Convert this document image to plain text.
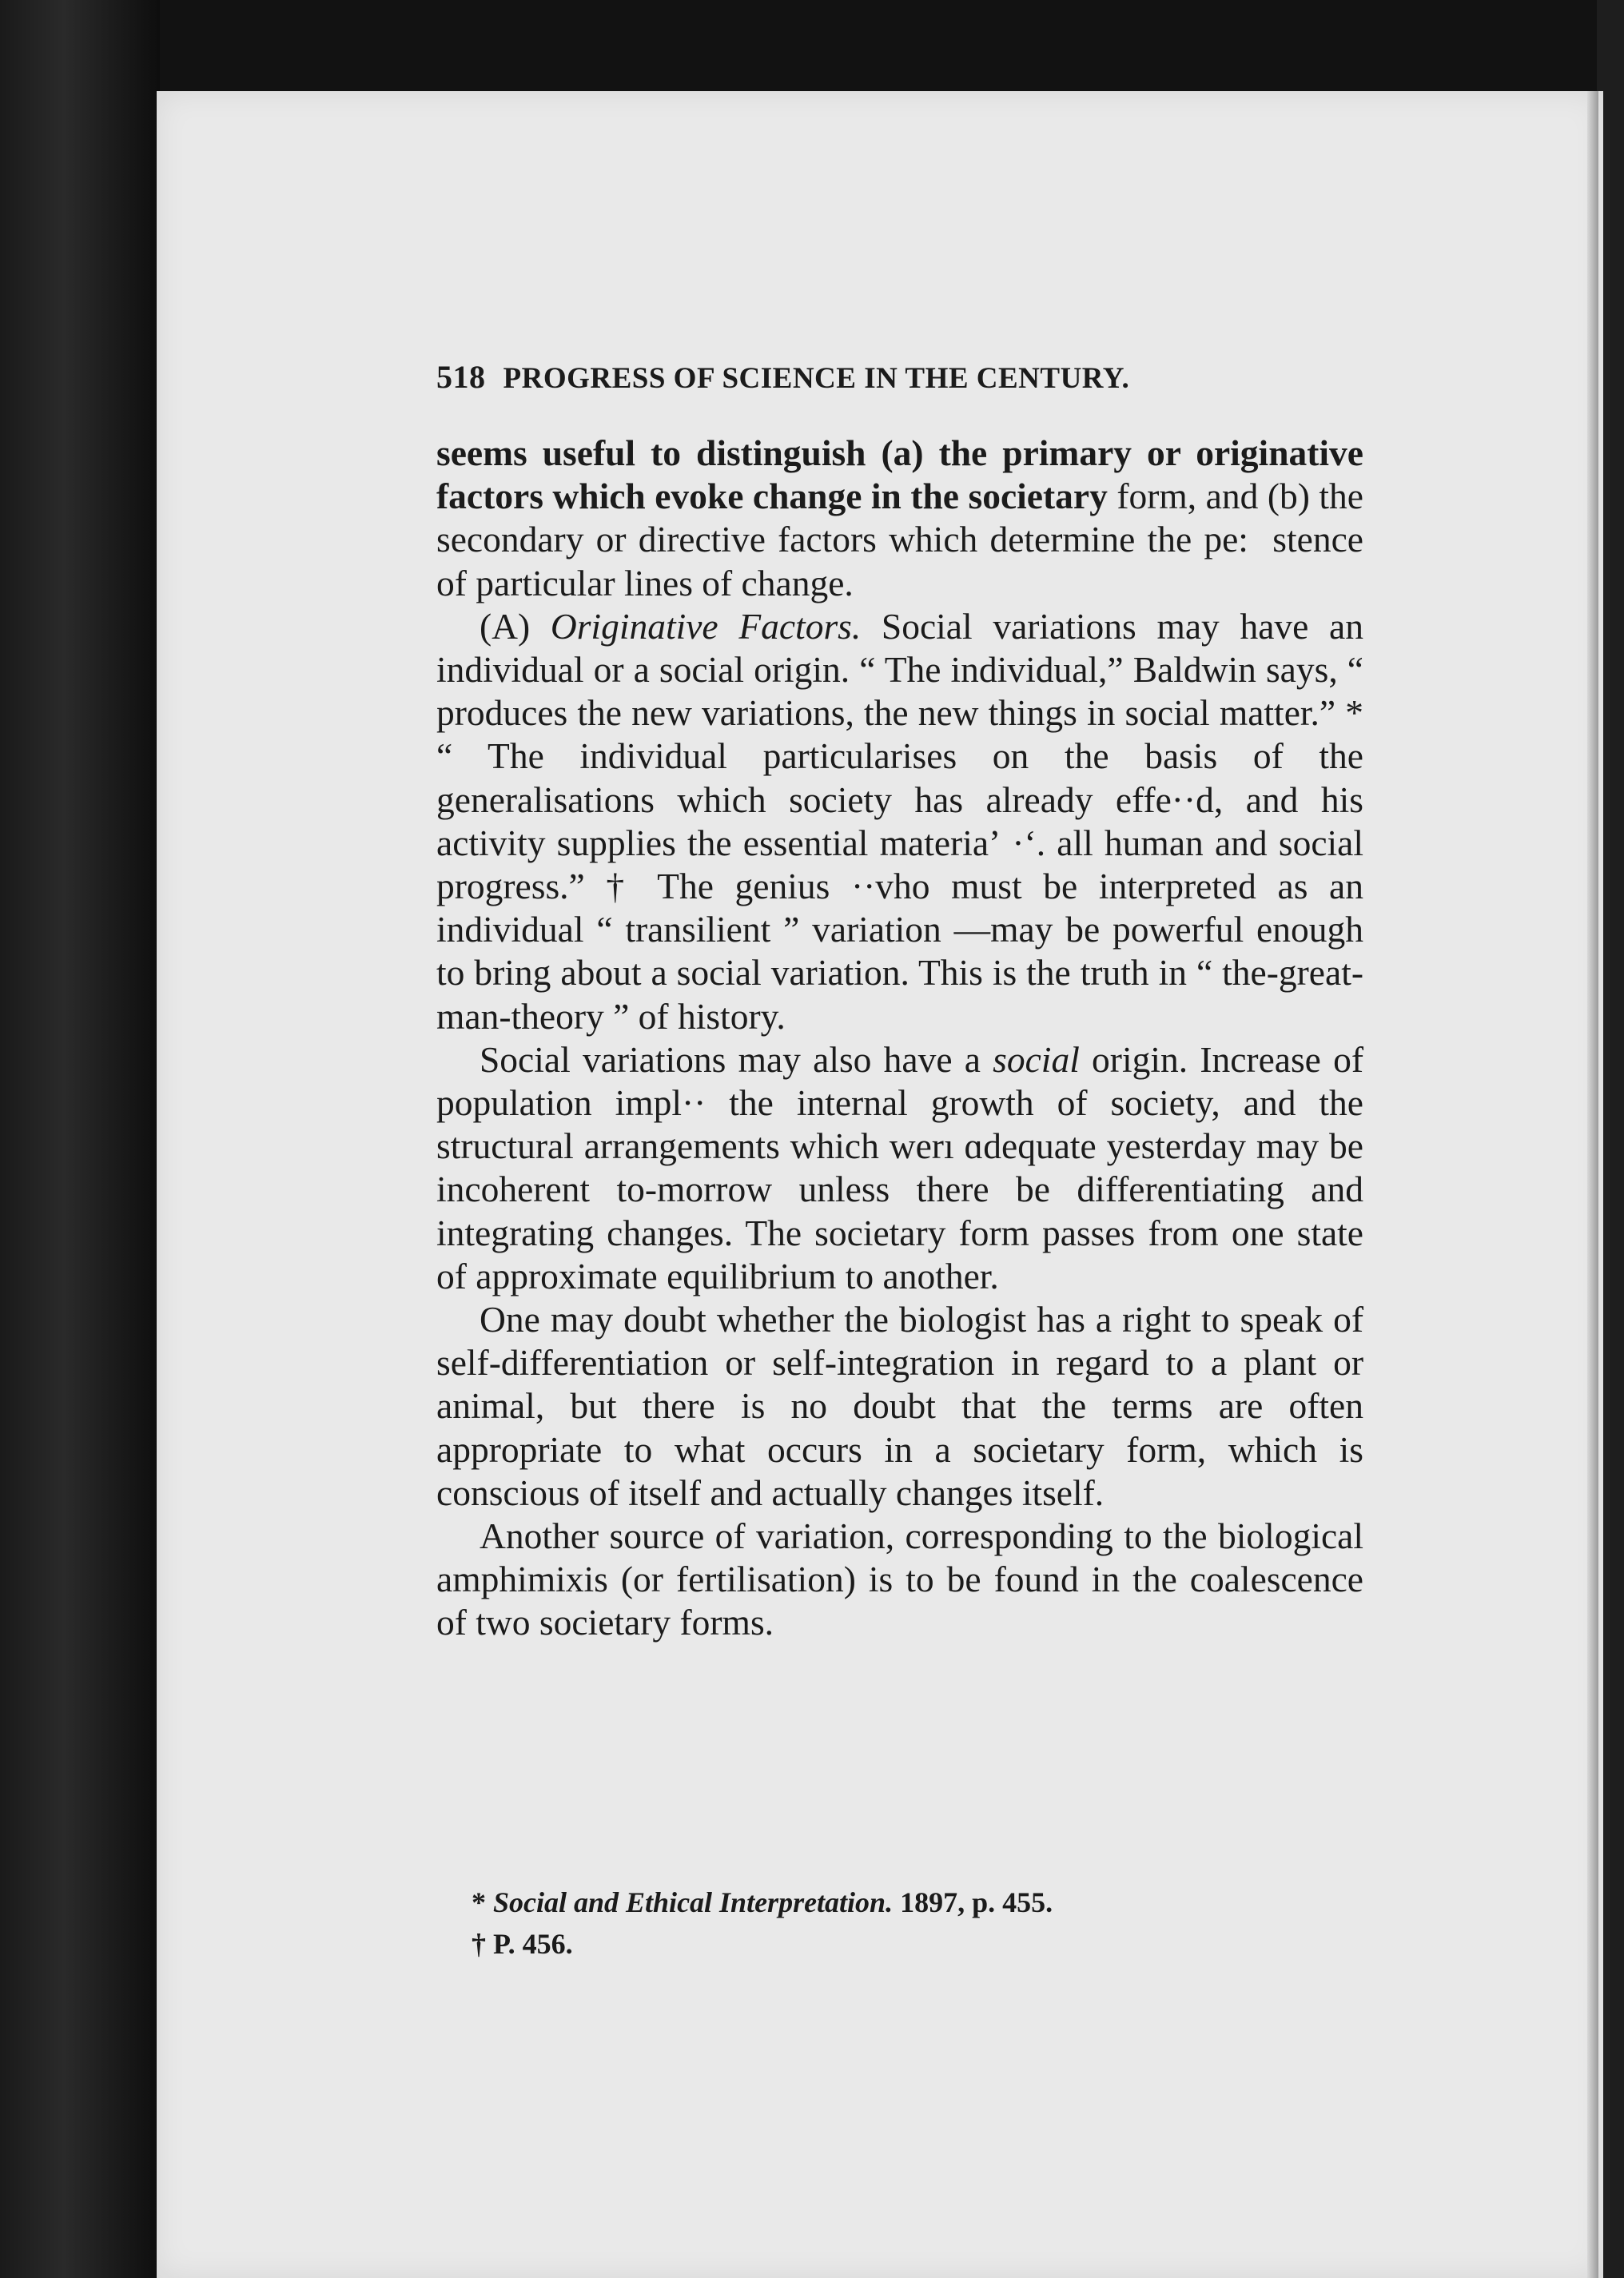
518 PROGRESS OF SCIENCE IN THE CENTURY.

seems useful to distinguish (a) the primary or originative factors which evoke change in the societary form, and (b) the secondary or directive factors which determine the pe:  stence of particular lines of change.

(A) Originative Factors. Social variations may have an individual or a social origin. “ The individual,” Baldwin says, “ produces the new variations, the new things in social matter.” * “ The individual particularises on the basis of the generalisations which society has already effe··d, and his activity supplies the essential materiaʼ ·ʻ. all human and social progress.” † The genius ··vho must be interpreted as an individual “ transilient ” variation —may be powerful enough to bring about a social variation. This is the truth in “ the-great-man-theory ” of history.

Social variations may also have a social origin. Increase of population impl·· the internal growth of society, and the structural arrangements which werı ɑdequate yesterday may be incoherent to-morrow unless there be differentiating and integrating changes. The societary form passes from one state of approximate equilibrium to another.

One may doubt whether the biologist has a right to speak of self-differentiation or self-integration in regard to a plant or animal, but there is no doubt that the terms are often appropriate to what occurs in a societary form, which is conscious of itself and actually changes itself.

Another source of variation, corresponding to the biological amphimixis (or fertilisation) is to be found in the coalescence of two societary forms.

* Social and Ethical Interpretation. 1897, p. 455.
† P. 456.
